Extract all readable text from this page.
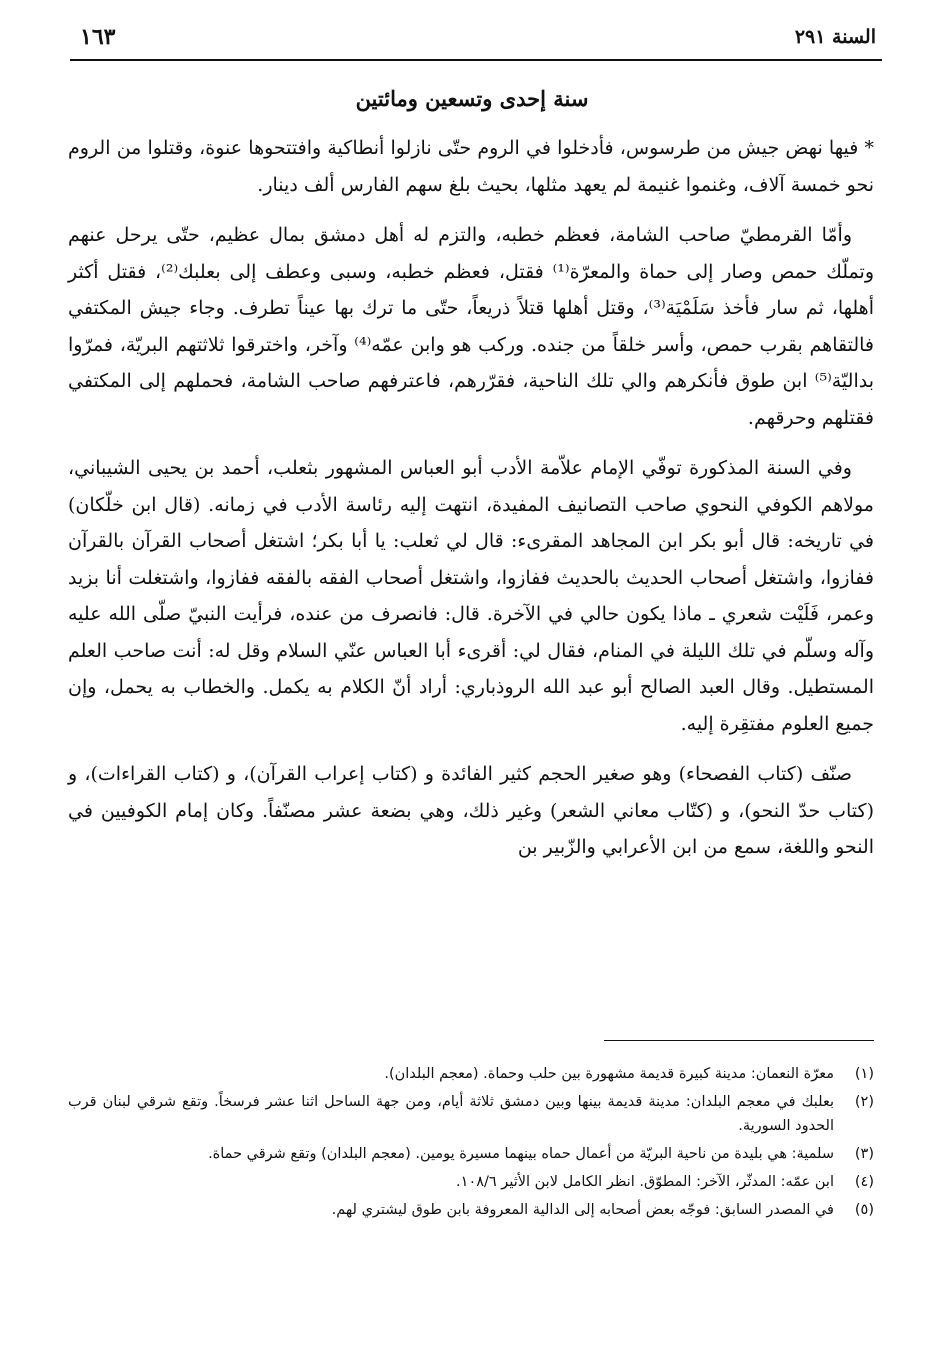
السنة ٢٩١
١٦٣
سنة إحدى وتسعين ومائتين

* فيها نهض جيش من طرسوس، فأدخلوا في الروم حتّى نازلوا أنطاكية وافتتحوها عنوة، وقتلوا من الروم نحو خمسة آلاف، وغنموا غنيمة لم يعهد مثلها، بحيث بلغ سهم الفارس ألف دينار.

وأمّا القرمطيّ صاحب الشامة، فعظم خطبه، والتزم له أهل دمشق بمال عظيم، حتّى يرحل عنهم وتملّك حمص وصار إلى حماة والمعرّة⁽¹⁾ فقتل، فعظم خطبه، وسبى وعطف إلى بعلبك⁽²⁾، فقتل أكثر أهلها، ثم سار فأخذ سَلَمْيَة⁽³⁾، وقتل أهلها قتلاً ذريعاً، حتّى ما ترك بها عيناً تطرف. وجاء جيش المكتفي فالتقاهم بقرب حمص، وأسر خلقاً من جنده. وركب هو وابن عمّه⁽⁴⁾ وآخر، واخترقوا ثلاثتهم البريّة، فمرّوا بداليّة⁽⁵⁾ ابن طوق فأنكرهم والي تلك الناحية، فقرّرهم، فاعترفهم صاحب الشامة، فحملهم إلى المكتفي فقتلهم وحرقهم.

وفي السنة المذكورة توفّي الإمام علاّمة الأدب أبو العباس المشهور بثعلب، أحمد بن يحيى الشيباني، مولاهم الكوفي النحوي صاحب التصانيف المفيدة، انتهت إليه رئاسة الأدب في زمانه. (قال ابن خلّكان) في تاريخه: قال أبو بكر ابن المجاهد المقرىء: قال لي ثعلب: يا أبا بكر؛ اشتغل أصحاب القرآن بالقرآن ففازوا، واشتغل أصحاب الحديث بالحديث ففازوا، واشتغل أصحاب الفقه بالفقه ففازوا، واشتغلت أنا بزيد وعمر، فَلَيْت شعري ـ ماذا يكون حالي في الآخرة. قال: فانصرف من عنده، فرأيت النبيّ صلّى الله عليه وآله وسلّم في تلك الليلة في المنام، فقال لي: أقرىء أبا العباس عنّي السلام وقل له: أنت صاحب العلم المستطيل. وقال العبد الصالح أبو عبد الله الروذباري: أراد أنّ الكلام به يكمل. والخطاب به يحمل، وإن جميع العلوم مفتقِرة إليه.

صنّف (كتاب الفصحاء) وهو صغير الحجم كثير الفائدة و (كتاب إعراب القرآن)، و (كتاب القراءات)، و (كتاب حدّ النحو)، و (كتّاب معاني الشعر) وغير ذلك، وهي بضعة عشر مصنّفاً. وكان إمام الكوفيين في النحو واللغة، سمع من ابن الأعرابي والزّبير بن

(١)
معرّة النعمان: مدينة كبيرة قديمة مشهورة بين حلب وحماة. (معجم البلدان).
(٢)
بعلبك في معجم البلدان: مدينة قديمة بينها وبين دمشق ثلاثة أيام، ومن جهة الساحل اثنا عشر فرسخاً. وتقع شرقي لبنان قرب الحدود السورية.
(٣)
سلمية: هي بليدة من ناحية البريّة من أعمال حماه بينهما مسيرة يومين. (معجم البلدان) وتقع شرقي حماة.
(٤)
ابن عمّه: المدثّر، الآخر: المطوّق. انظر الكامل لابن الأثير ١٠٨/٦.
(٥)
في المصدر السابق: فوجّه بعض أصحابه إلى الدالية المعروفة بابن طوق ليشتري لهم.
